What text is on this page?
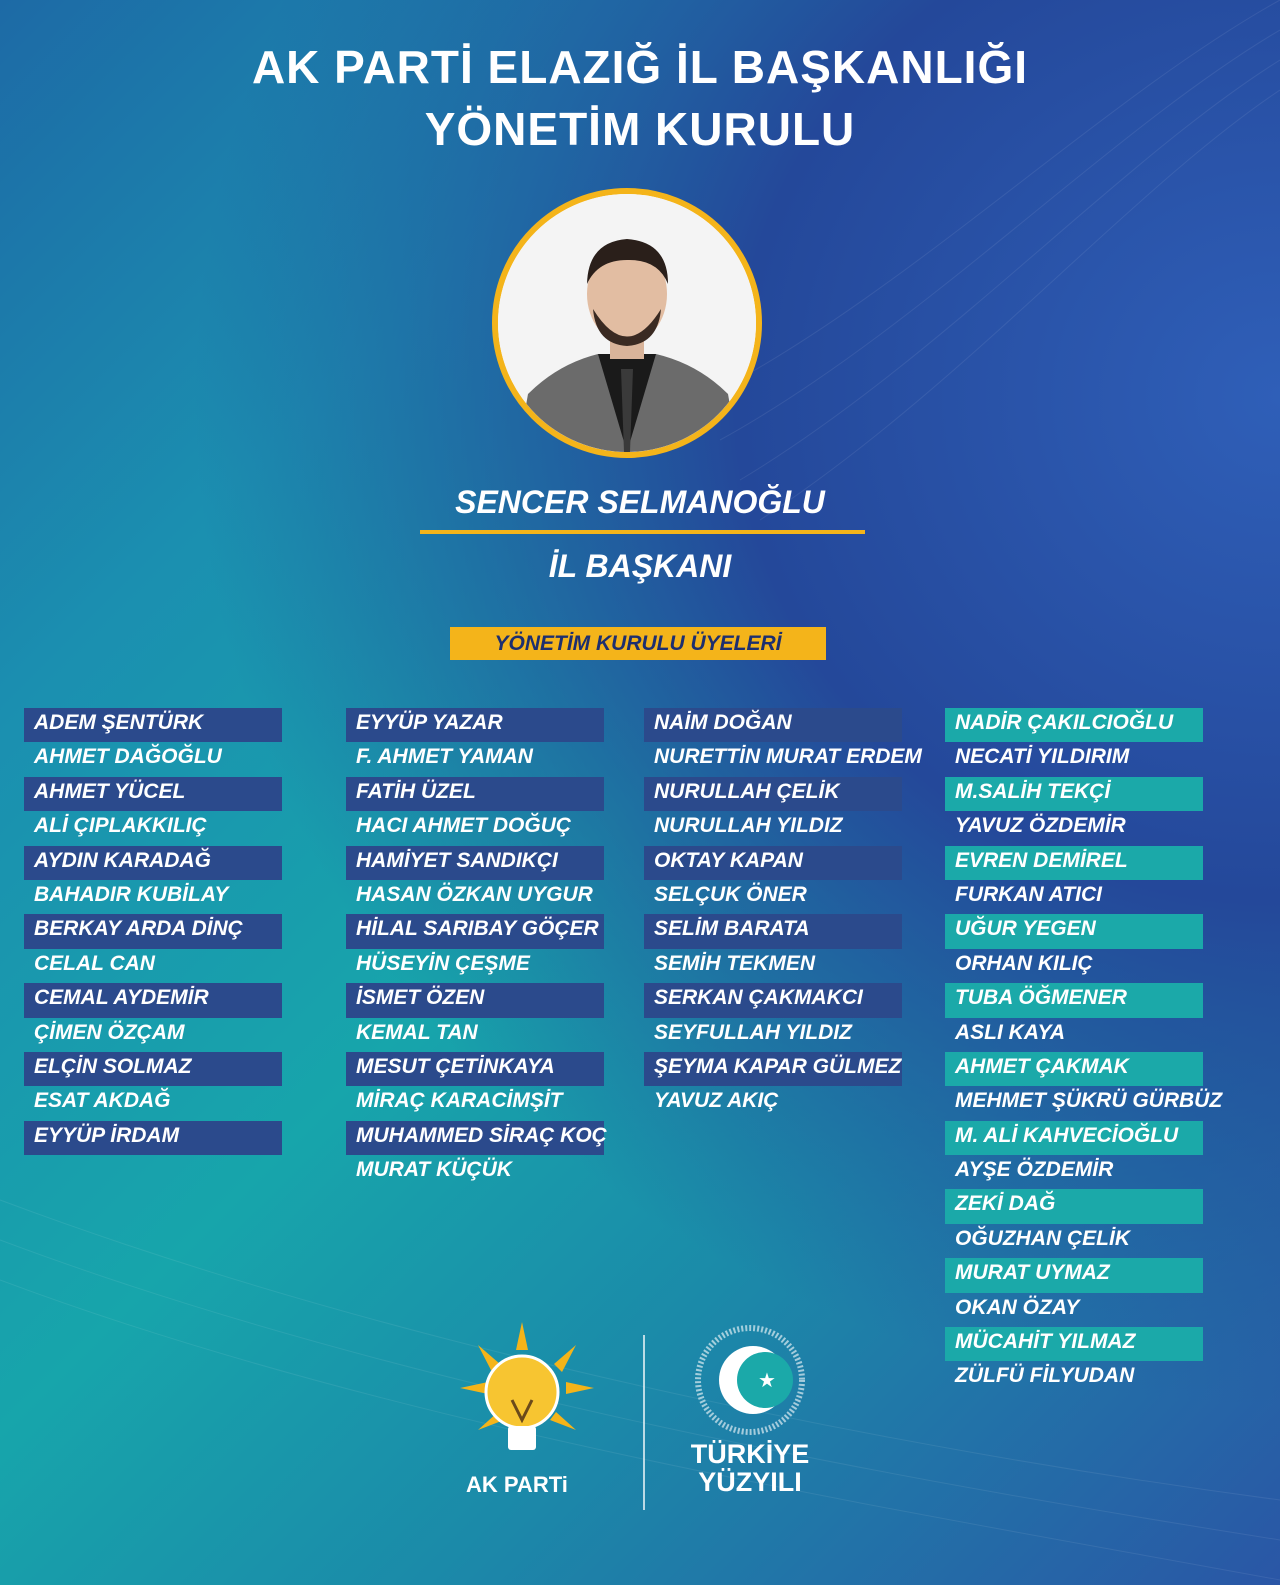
AK PARTİ ELAZIĞ İL BAŞKANLIĞI
YÖNETİM KURULU
SENCER SELMANOĞLU
İL BAŞKANI
YÖNETİM KURULU ÜYELERİ
ADEM ŞENTÜRK
AHMET DAĞOĞLU
AHMET YÜCEL
ALİ ÇIPLAKKILIÇ
AYDIN KARADAĞ
BAHADIR KUBİLAY
BERKAY ARDA DİNÇ
CELAL CAN
CEMAL AYDEMİR
ÇİMEN ÖZÇAM
ELÇİN SOLMAZ
ESAT AKDAĞ
EYYÜP İRDAM
EYYÜP YAZAR
F. AHMET YAMAN
FATİH ÜZEL
HACI AHMET DOĞUÇ
HAMİYET SANDIKÇI
HASAN ÖZKAN UYGUR
HİLAL SARIBAY GÖÇER
HÜSEYİN ÇEŞME
İSMET ÖZEN
KEMAL TAN
MESUT ÇETİNKAYA
MİRAÇ KARACİMŞİT
MUHAMMED SİRAÇ KOÇ
MURAT KÜÇÜK
NAİM DOĞAN
NURETTİN MURAT ERDEM
NURULLAH ÇELİK
NURULLAH YILDIZ
OKTAY KAPAN
SELÇUK ÖNER
SELİM BARATA
SEMİH TEKMEN
SERKAN ÇAKMAKCI
SEYFULLAH YILDIZ
ŞEYMA KAPAR GÜLMEZ
YAVUZ AKIÇ
NADİR ÇAKILCIOĞLU
NECATİ YILDIRIM
M.SALİH TEKÇİ
YAVUZ ÖZDEMİR
EVREN DEMİREL
FURKAN ATICI
UĞUR YEGEN
ORHAN KILIÇ
TUBA ÖĞMENER
ASLI KAYA
AHMET ÇAKMAK
MEHMET ŞÜKRÜ GÜRBÜZ
M. ALİ KAHVECİOĞLU
AYŞE ÖZDEMİR
ZEKİ DAĞ
OĞUZHAN ÇELİK
MURAT UYMAZ
OKAN ÖZAY
MÜCAHİT YILMAZ
ZÜLFÜ FİLYUDAN
AK PARTi
★
TÜRKİYE
YÜZYILI
